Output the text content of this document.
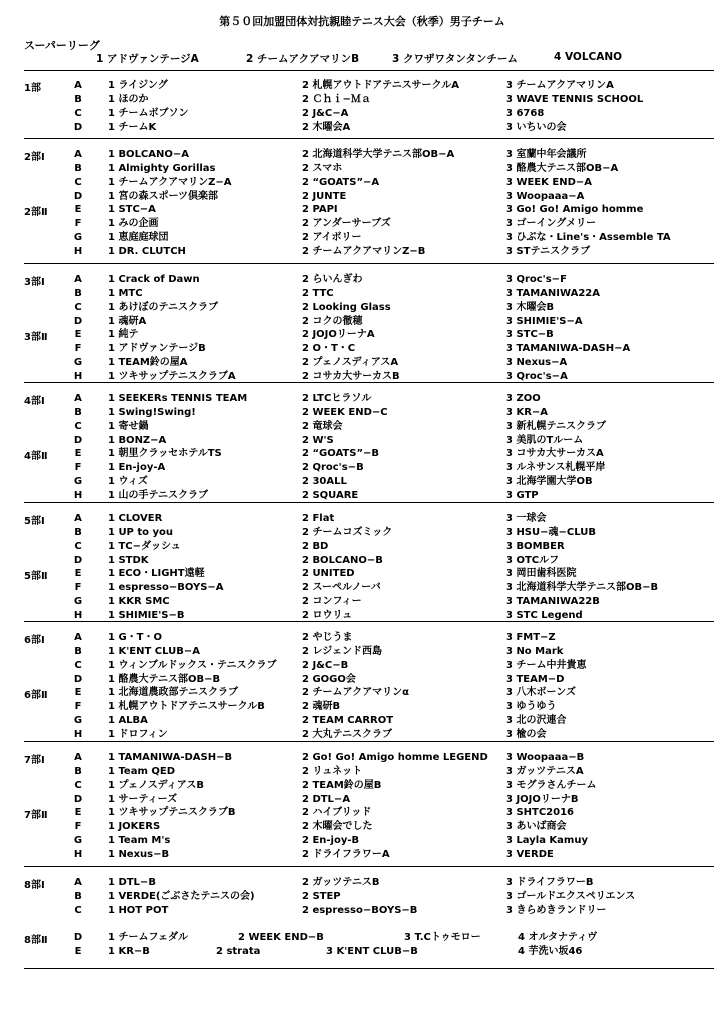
第５０回加盟団体対抗親睦テニス大会（秋季）男子チーム
スーパーリーグ
1 アドヴァンテージA	2 チームアクアマリンB	3 クワザワタンタンチーム	4 VOLCANO
1部	A	1 ライジング	2 札幌アウトドアテニスサークルA	3 チームアクアマリンA
B	1 ほのか	2 Ｃｈｉ−Ｍａ	3 WAVE TENNIS SCHOOL
C	1 チームボブソン	2 J&C−A	3 6768
D	1 チームK	2 木曜会A	3 いちいの会
2部Ⅰ	A	1 BOLCANO−A	2 北海道科学大学テニス部OB−A	3 室蘭中年会議所
B	1 Almighty Gorillas	2 スマホ	3 酪農大テニス部OB−A
C	1 チームアクアマリンZ−A	2 “GOATS”−A	3 WEEK END−A
D	1 宮の森スポーツ倶楽部	2 JUNTE	3 Woopaaa−A
2部Ⅱ	E	1 STC−A	2 PAPI	3 Go! Go! Amigo homme
F	1 みの企画	2 アンダーサーブズ	3 ゴーイングメリー
G	1 恵庭庭球団	2 アイボリー	3 ひぶな・Line's・Assemble TA
H	1 DR. CLUTCH	2 チームアクアマリンZ−B	3 STテニスクラブ
3部Ⅰ	A	1 Crack of Dawn	2 らいんぎわ	3 Qroc's−F
B	1 MTC	2 TTC	3 TAMANIWA22A
C	1 あけぼのテニスクラブ	2 Looking Glass	3 木曜会B
D	1 魂研A	2 コクの徹穂	3 SHIMIE'S−A
3部Ⅱ	E	1 純テ	2 JOJOリーナA	3 STC−B
F	1 アドヴァンテージB	2 O・T・C	3 TAMANIWA-DASH−A
G	1 TEAM鈴の屋A	2 プェノスディアスA	3 Nexus−A
H	1 ツキサップテニスクラブA	2 コサカ大サーカスB	3 Qroc's−A
4部Ⅰ	A	1 SEEKERs TENNIS TEAM	2 LTCヒラソル	3 ZOO
B	1 Swing!Swing!	2 WEEK END−C	3 KR−A
C	1 寄せ鍋	2 竜球会	3 新札幌テニスクラブ
D	1 BONZ−A	2 W'S	3 美肌のTルーム
4部Ⅱ	E	1 朝里クラッセホテルTS	2 “GOATS”−B	3 コサカ大サーカスA
F	1 En-joy-A	2 Qroc's−B	3 ルネサンス札幌平岸
G	1 ウィズ	2 30ALL	3 北海学園大学OB
H	1 山の手テニスクラブ	2 SQUARE	3 GTP
5部Ⅰ	A	1 CLOVER	2 Flat	3 一球会
B	1 UP to you	2 チームコズミック	3 HSU−魂−CLUB
C	1 TC−ダッシュ	2 BD	3 BOMBER
D	1 STDK	2 BOLCANO−B	3 OTCルフ
5部Ⅱ	E	1 ECO・LIGHT遠軽	2 UNITED	3 岡田歯科医院
F	1 espresso−BOYS−A	2 スーペルノーバ	3 北海道科学大学テニス部OB−B
G	1 KKR SMC	2 コンフィー	3 TAMANIWA22B
H	1 SHIMIE'S−B	2 ロウリュ	3 STC Legend
6部Ⅰ	A	1 G・T・O	2 やじうま	3 FMT−Z
B	1 K'ENT CLUB−A	2 レジェンド西島	3 No Mark
C	1 ウィンブルドックス・テニスクラブ	2 J&C−B	3 チーム中井貴恵
D	1 酪農大テニス部OB−B	2 GOGO会	3 TEAM−D
6部Ⅱ	E	1 北海道農政部テニスクラブ	2 チームアクアマリンα	3 八木ボーンズ
F	1 札幌アウトドアテニスサークルB	2 魂研B	3 ゆうゆう
G	1 ALBA	2 TEAM CARROT	3 北の沢連合
H	1 ドロフィン	2 大丸テニスクラブ	3 楡の会
7部Ⅰ	A	1 TAMANIWA-DASH−B	2 Go! Go! Amigo homme LEGEND 3 Woopaaa−B
B	1 Team QED	2 リュネット	3 ガッツテニスA
C	1 プェノスディアスB	2 TEAM鈴の屋B	3 モグラさんチーム
D	1 サーティーズ	2 DTL−A	3 JOJOリーナB
7部Ⅱ	E	1 ツキサップテニスクラブB	2 ハイブリッド	3 SHTC2016
F	1 JOKERS	2 木曜会でした	3 あいば商会
G	1 Team M's	2 En-joy-B	3 Layla Kamuy
H	1 Nexus−B	2 ドライフラワーA	3 VERDE
8部Ⅰ	A	1 DTL−B	2 ガッツテニスB	3 ドライフラワーB
B	1 VERDE(ごぶさたテニスの会)	2 STEP	3 ゴールドエクスペリエンス
C	1 HOT POT	2 espresso−BOYS−B	3 きらめきランドリー
8部Ⅱ	D	1 チームフェダル	2 WEEK END−B	3 T.Cトゥモロー	4 オルタナティヴ
E	1 KR−B	2 strata	3 K'ENT CLUB−B	4 芋洗い坂46
